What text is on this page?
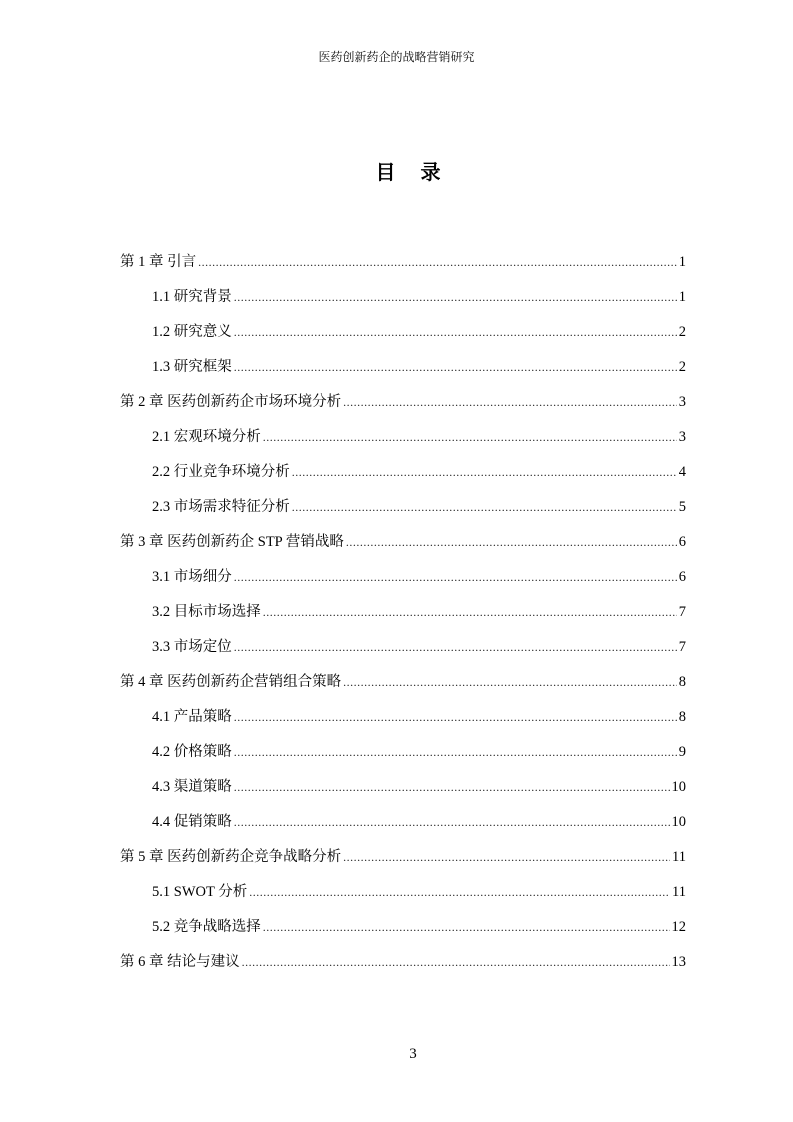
医药创新药企的战略营销研究
目 录
第 1 章 引言 .....	1
1.1 研究背景 .....	1
1.2 研究意义 .....	2
1.3 研究框架 .....	2
第 2 章 医药创新药企市场环境分析 .....	3
2.1 宏观环境分析 .....	3
2.2 行业竞争环境分析 .....	4
2.3 市场需求特征分析 .....	5
第 3 章 医药创新药企 STP 营销战略 .....	6
3.1 市场细分 .....	6
3.2 目标市场选择 .....	7
3.3 市场定位 .....	7
第 4 章 医药创新药企营销组合策略 .....	8
4.1 产品策略 .....	8
4.2 价格策略 .....	9
4.3 渠道策略 .....	10
4.4 促销策略 .....	10
第 5 章 医药创新药企竞争战略分析 .....	11
5.1 SWOT 分析 .....	11
5.2 竞争战略选择 .....	12
第 6 章 结论与建议 .....	13
3
